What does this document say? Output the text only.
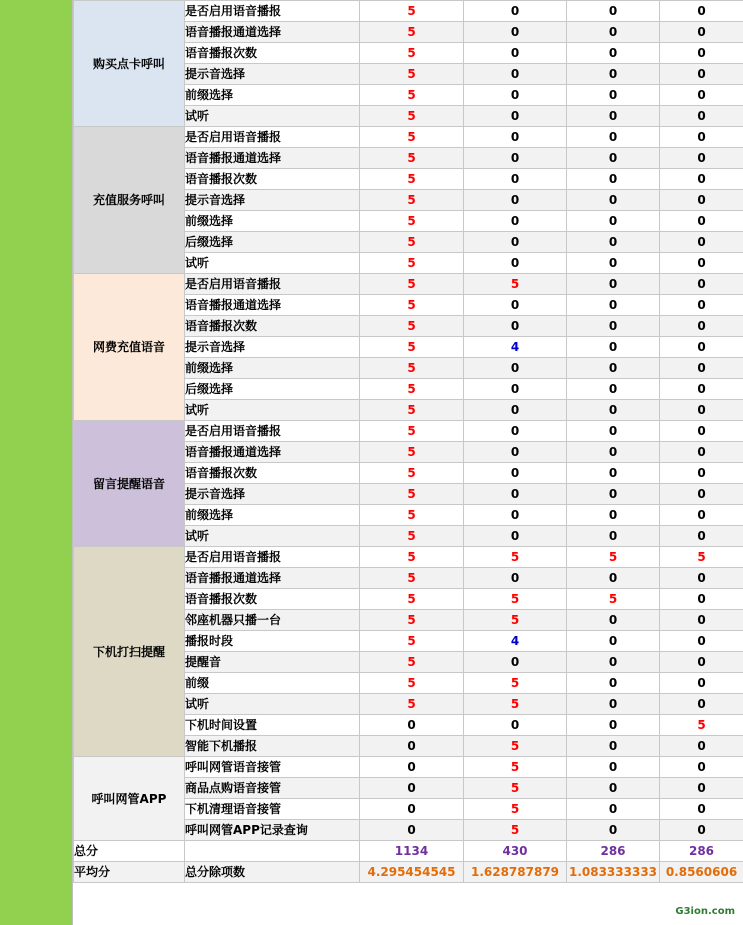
购买点卡呼叫	是否启用语音播报	5	0	0	0
	语音播报通道选择	5	0	0	0
	语音播报次数	5	0	0	0
	提示音选择	5	0	0	0
	前缀选择	5	0	0	0
	试听	5	0	0	0
充值服务呼叫	是否启用语音播报	5	0	0	0
	语音播报通道选择	5	0	0	0
	语音播报次数	5	0	0	0
	提示音选择	5	0	0	0
	前缀选择	5	0	0	0
	后缀选择	5	0	0	0
	试听	5	0	0	0
网费充值语音	是否启用语音播报	5	5	0	0
	语音播报通道选择	5	0	0	0
	语音播报次数	5	0	0	0
	提示音选择	5	4	0	0
	前缀选择	5	0	0	0
	后缀选择	5	0	0	0
	试听	5	0	0	0
留言提醒语音	是否启用语音播报	5	0	0	0
	语音播报通道选择	5	0	0	0
	语音播报次数	5	0	0	0
	提示音选择	5	0	0	0
	前缀选择	5	0	0	0
	试听	5	0	0	0
下机打扫提醒	是否启用语音播报	5	5	5	5
	语音播报通道选择	5	0	0	0
	语音播报次数	5	5	5	0
	邻座机器只播一台	5	5	0	0
	播报时段	5	4	0	0
	提醒音	5	0	0	0
	前缀	5	5	0	0
	试听	5	5	0	0
	下机时间设置	0	0	0	5
	智能下机播报	0	5	0	0
呼叫网管APP	呼叫网管语音接管	0	5	0	0
	商品点购语音接管	0	5	0	0
	下机清理语音接管	0	5	0	0
	呼叫网管APP记录查询	0	5	0	0
总分		1134	430	286	286
平均分	总分除项数	4.295454545	1.628787879	1.083333333	0.8560606
G3ion.com
